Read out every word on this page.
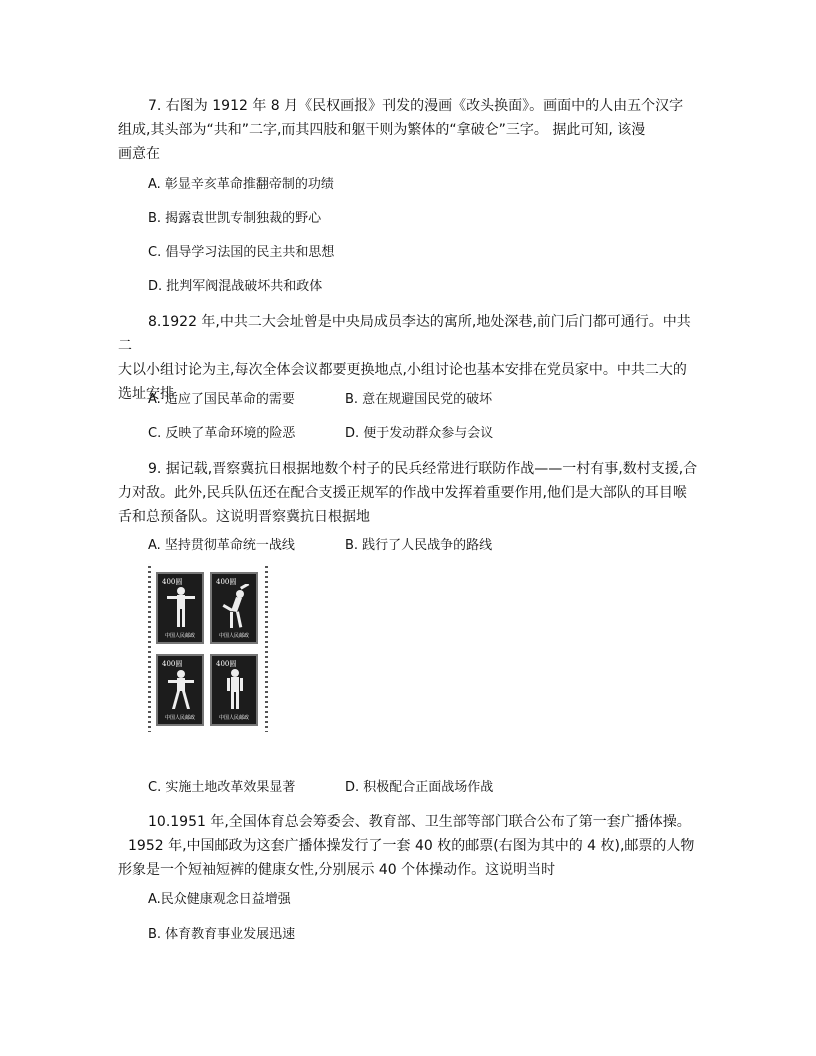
7. 右图为 1912 年 8 月《民权画报》刊发的漫画《改头换面》。画面中的人由五个汉字
组成,其头部为“共和”二字,而其四肢和躯干则为繁体的“拿破仑”三字。 据此可知, 该漫
画意在
A. 彰显辛亥革命推翻帝制的功绩
B. 揭露袁世凯专制独裁的野心
C. 倡导学习法国的民主共和思想
D. 批判军阀混战破坏共和政体
8.1922 年,中共二大会址曾是中央局成员李达的寓所,地处深巷,前门后门都可通行。中共二
大以小组讨论为主,每次全体会议都要更换地点,小组讨论也基本安排在党员家中。中共二大的
选址安排
A. 适应了国民革命的需要	B. 意在规避国民党的破坏
C. 反映了革命环境的险恶	D. 便于发动群众参与会议
9. 据记载,晋察冀抗日根据地数个村子的民兵经常进行联防作战——一村有事,数村支援,合
力对敌。此外,民兵队伍还在配合支援正规军的作战中发挥着重要作用,他们是大部队的耳目喉
舌和总预备队。这说明晋察冀抗日根据地
A. 坚持贯彻革命统一战线	B. 践行了人民战争的路线
400圆
中国人民邮政
400圆
中国人民邮政
400圆
中国人民邮政
400圆
中国人民邮政
C. 实施土地改革效果显著	D. 积极配合正面战场作战
10.1951 年,全国体育总会筹委会、教育部、卫生部等部门联合公布了第一套广播体操。
1952 年,中国邮政为这套广播体操发行了一套 40 枚的邮票(右图为其中的 4 枚),邮票的人物
形象是一个短袖短裤的健康女性,分别展示 40 个体操动作。这说明当时
A.民众健康观念日益增强
B. 体育教育事业发展迅速
